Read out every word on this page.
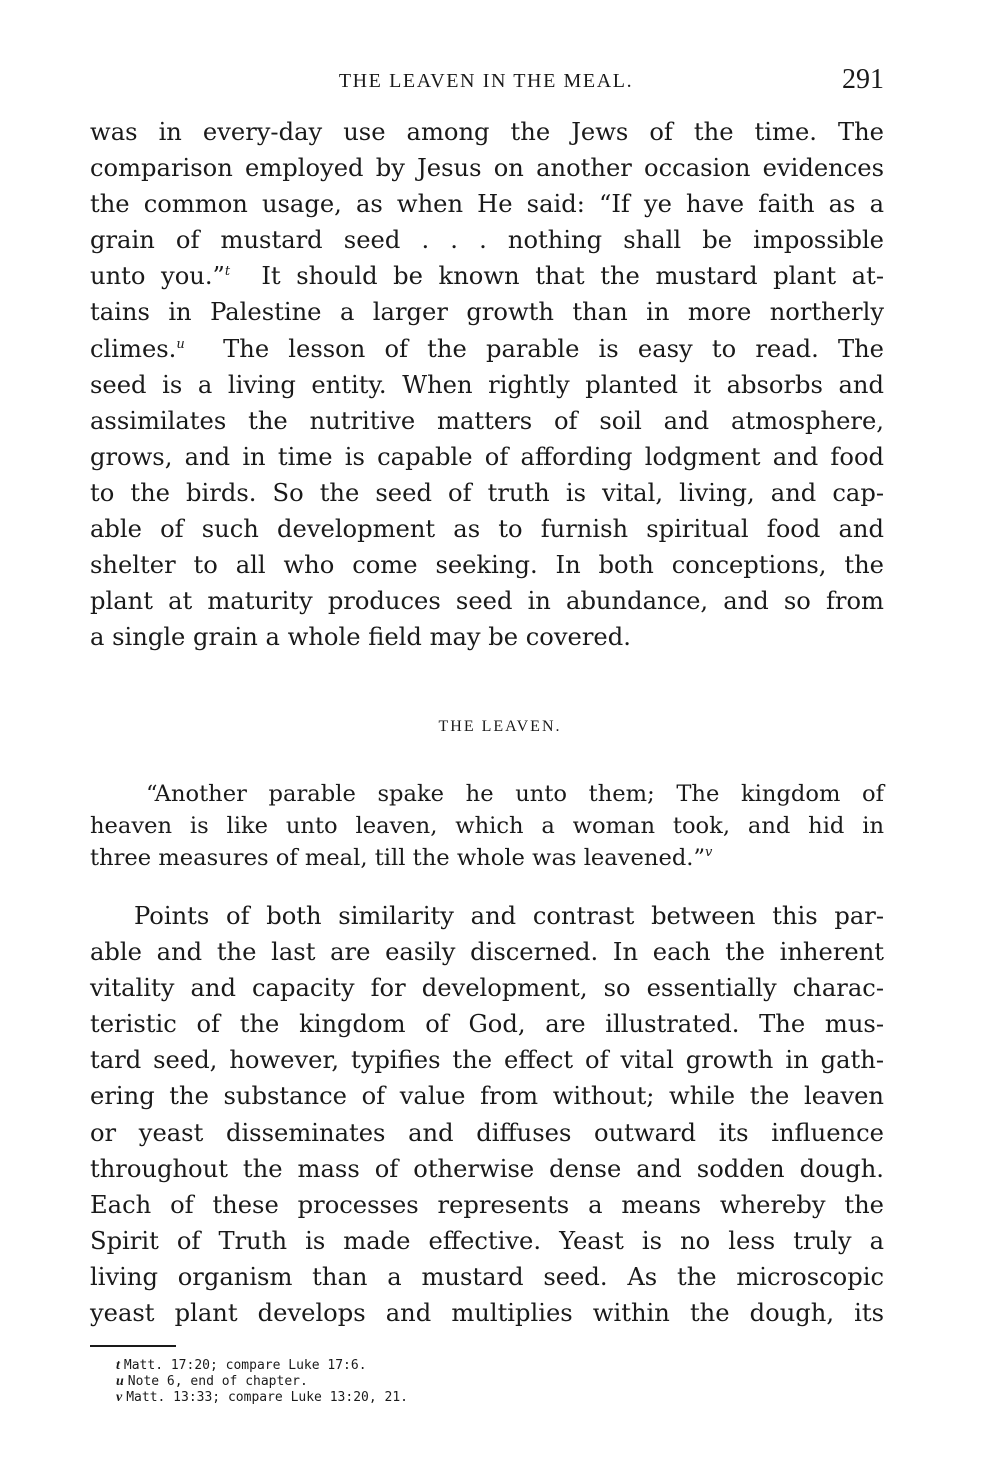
THE LEAVEN IN THE MEAL.	291
was in every-day use among the Jews of the time. The
comparison employed by Jesus on another occasion evidences
the common usage, as when He said: “If ye have faith as a
grain of mustard seed . . . nothing shall be impossible
unto you.”$^t$ It should be known that the mustard plant at-
tains in Palestine a larger growth than in more northerly
climes.$^u$ The lesson of the parable is easy to read. The
seed is a living entity. When rightly planted it absorbs and
assimilates the nutritive matters of soil and atmosphere,
grows, and in time is capable of affording lodgment and food
to the birds. So the seed of truth is vital, living, and cap-
able of such development as to furnish spiritual food and
shelter to all who come seeking. In both conceptions, the
plant at maturity produces seed in abundance, and so from
a single grain a whole field may be covered.
THE LEAVEN.
“Another parable spake he unto them; The kingdom of
heaven is like unto leaven, which a woman took, and hid in
three measures of meal, till the whole was leavened.”$^v$
Points of both similarity and contrast between this par-
able and the last are easily discerned. In each the inherent
vitality and capacity for development, so essentially charac-
teristic of the kingdom of God, are illustrated. The mus-
tard seed, however, typifies the effect of vital growth in gath-
ering the substance of value from without; while the leaven
or yeast disseminates and diffuses outward its influence
throughout the mass of otherwise dense and sodden dough.
Each of these processes represents a means whereby the
Spirit of Truth is made effective. Yeast is no less truly a
living organism than a mustard seed. As the microscopic
yeast plant develops and multiplies within the dough, its
t Matt. 17:20; compare Luke 17:6.
u Note 6, end of chapter.
v Matt. 13:33; compare Luke 13:20, 21.
